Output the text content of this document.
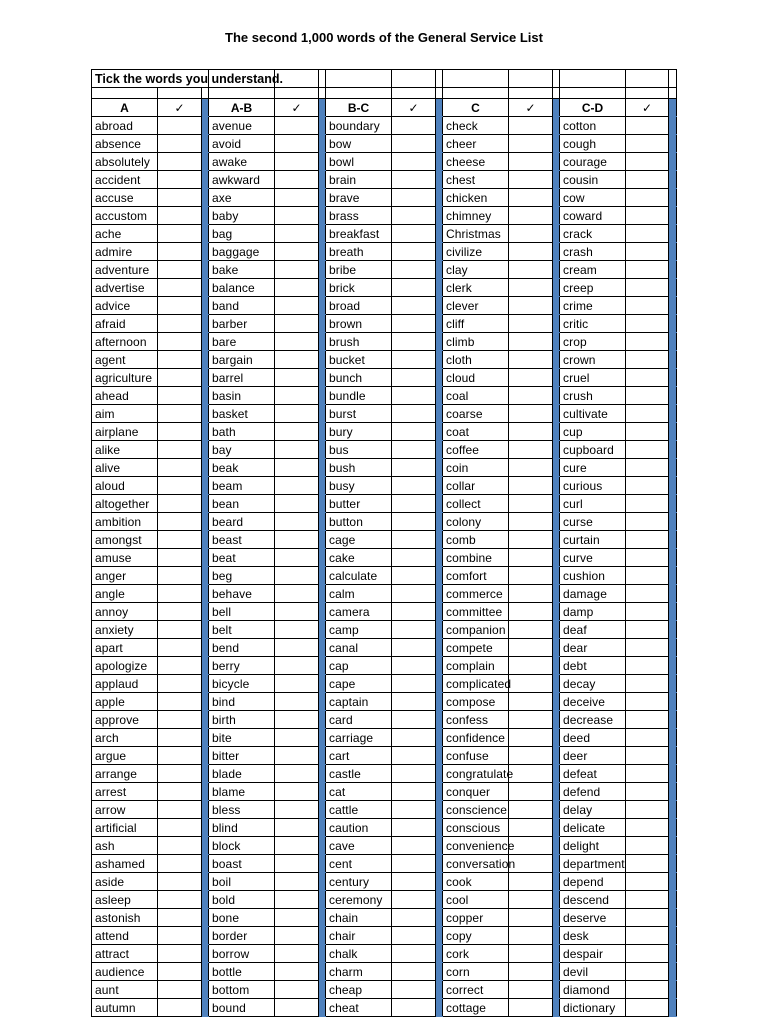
The second 1,000 words of the General Service List
Tick the words you understand.														

A	✓		A-B	✓		B-C	✓		C	✓		C-D	✓	
abroad			avenue			boundary			check			cotton		
absence			avoid			bow			cheer			cough		
absolutely			awake			bowl			cheese			courage		
accident			awkward			brain			chest			cousin		
accuse			axe			brave			chicken			cow		
accustom			baby			brass			chimney			coward		
ache			bag			breakfast			Christmas			crack		
admire			baggage			breath			civilize			crash		
adventure			bake			bribe			clay			cream		
advertise			balance			brick			clerk			creep		
advice			band			broad			clever			crime		
afraid			barber			brown			cliff			critic		
afternoon			bare			brush			climb			crop		
agent			bargain			bucket			cloth			crown		
agriculture			barrel			bunch			cloud			cruel		
ahead			basin			bundle			coal			crush		
aim			basket			burst			coarse			cultivate		
airplane			bath			bury			coat			cup		
alike			bay			bus			coffee			cupboard		
alive			beak			bush			coin			cure		
aloud			beam			busy			collar			curious		
altogether			bean			butter			collect			curl		
ambition			beard			button			colony			curse		
amongst			beast			cage			comb			curtain		
amuse			beat			cake			combine			curve		
anger			beg			calculate			comfort			cushion		
angle			behave			calm			commerce			damage		
annoy			bell			camera			committee			damp		
anxiety			belt			camp			companion			deaf		
apart			bend			canal			compete			dear		
apologize			berry			cap			complain			debt		
applaud			bicycle			cape			complicated			decay		
apple			bind			captain			compose			deceive		
approve			birth			card			confess			decrease		
arch			bite			carriage			confidence			deed		
argue			bitter			cart			confuse			deer		
arrange			blade			castle			congratulate			defeat		
arrest			blame			cat			conquer			defend		
arrow			bless			cattle			conscience			delay		
artificial			blind			caution			conscious			delicate		
ash			block			cave			convenience			delight		
ashamed			boast			cent			conversation			department		
aside			boil			century			cook			depend		
asleep			bold			ceremony			cool			descend		
astonish			bone			chain			copper			deserve		
attend			border			chair			copy			desk		
attract			borrow			chalk			cork			despair		
audience			bottle			charm			corn			devil		
aunt			bottom			cheap			correct			diamond		
autumn			bound			cheat			cottage			dictionary		
